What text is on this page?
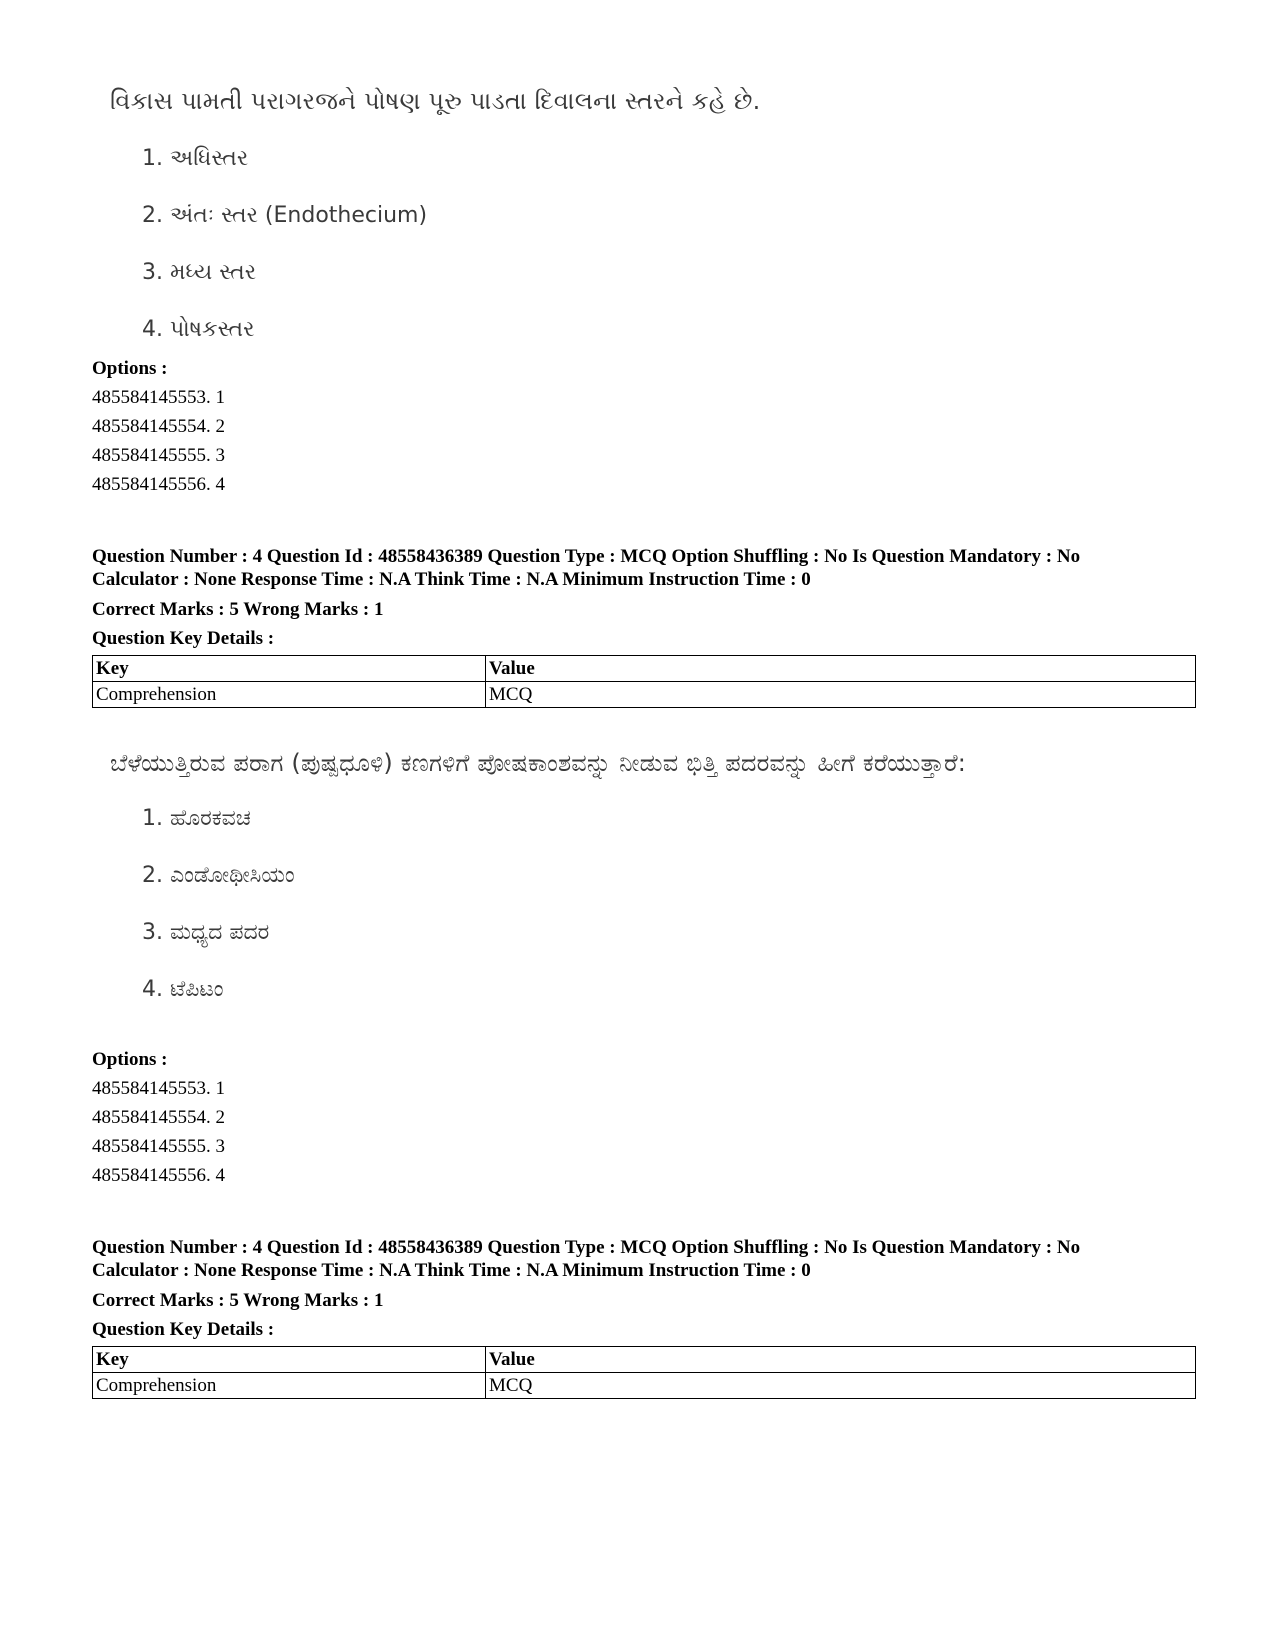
વિકાસ પામતી પરાગરજને પોષણ પૂરુ પાડતા દિવાલના સ્તરને કહે છે.
1. અધિસ્તર
2. અંતઃ સ્તર (Endothecium)
3. મધ્ય સ્તર
4. પોષકસ્તર
Options :
485584145553. 1
485584145554. 2
485584145555. 3
485584145556. 4
Question Number : 4 Question Id : 48558436389 Question Type : MCQ Option Shuffling : No Is Question Mandatory : No
Calculator : None Response Time : N.A Think Time : N.A Minimum Instruction Time : 0
Correct Marks : 5 Wrong Marks : 1
Question Key Details :
Key	Value
Comprehension	MCQ
ಬೆಳೆಯುತ್ತಿರುವ ಪರಾಗ (ಪುಷ್ಪಧೂಳಿ) ಕಣಗಳಿಗೆ ಪೋಷಕಾಂಶವನ್ನು ನೀಡುವ ಭಿತ್ತಿ ಪದರವನ್ನು ಹೀಗೆ ಕರೆಯುತ್ತಾರೆ:
1. ಹೊರಕವಚ
2. ಎಂಡೋಥೀಸಿಯಂ
3. ಮಧ್ಯದ ಪದರ
4. ಟೆಪಿಟಂ
Options :
485584145553. 1
485584145554. 2
485584145555. 3
485584145556. 4
Question Number : 4 Question Id : 48558436389 Question Type : MCQ Option Shuffling : No Is Question Mandatory : No
Calculator : None Response Time : N.A Think Time : N.A Minimum Instruction Time : 0
Correct Marks : 5 Wrong Marks : 1
Question Key Details :
Key	Value
Comprehension	MCQ
